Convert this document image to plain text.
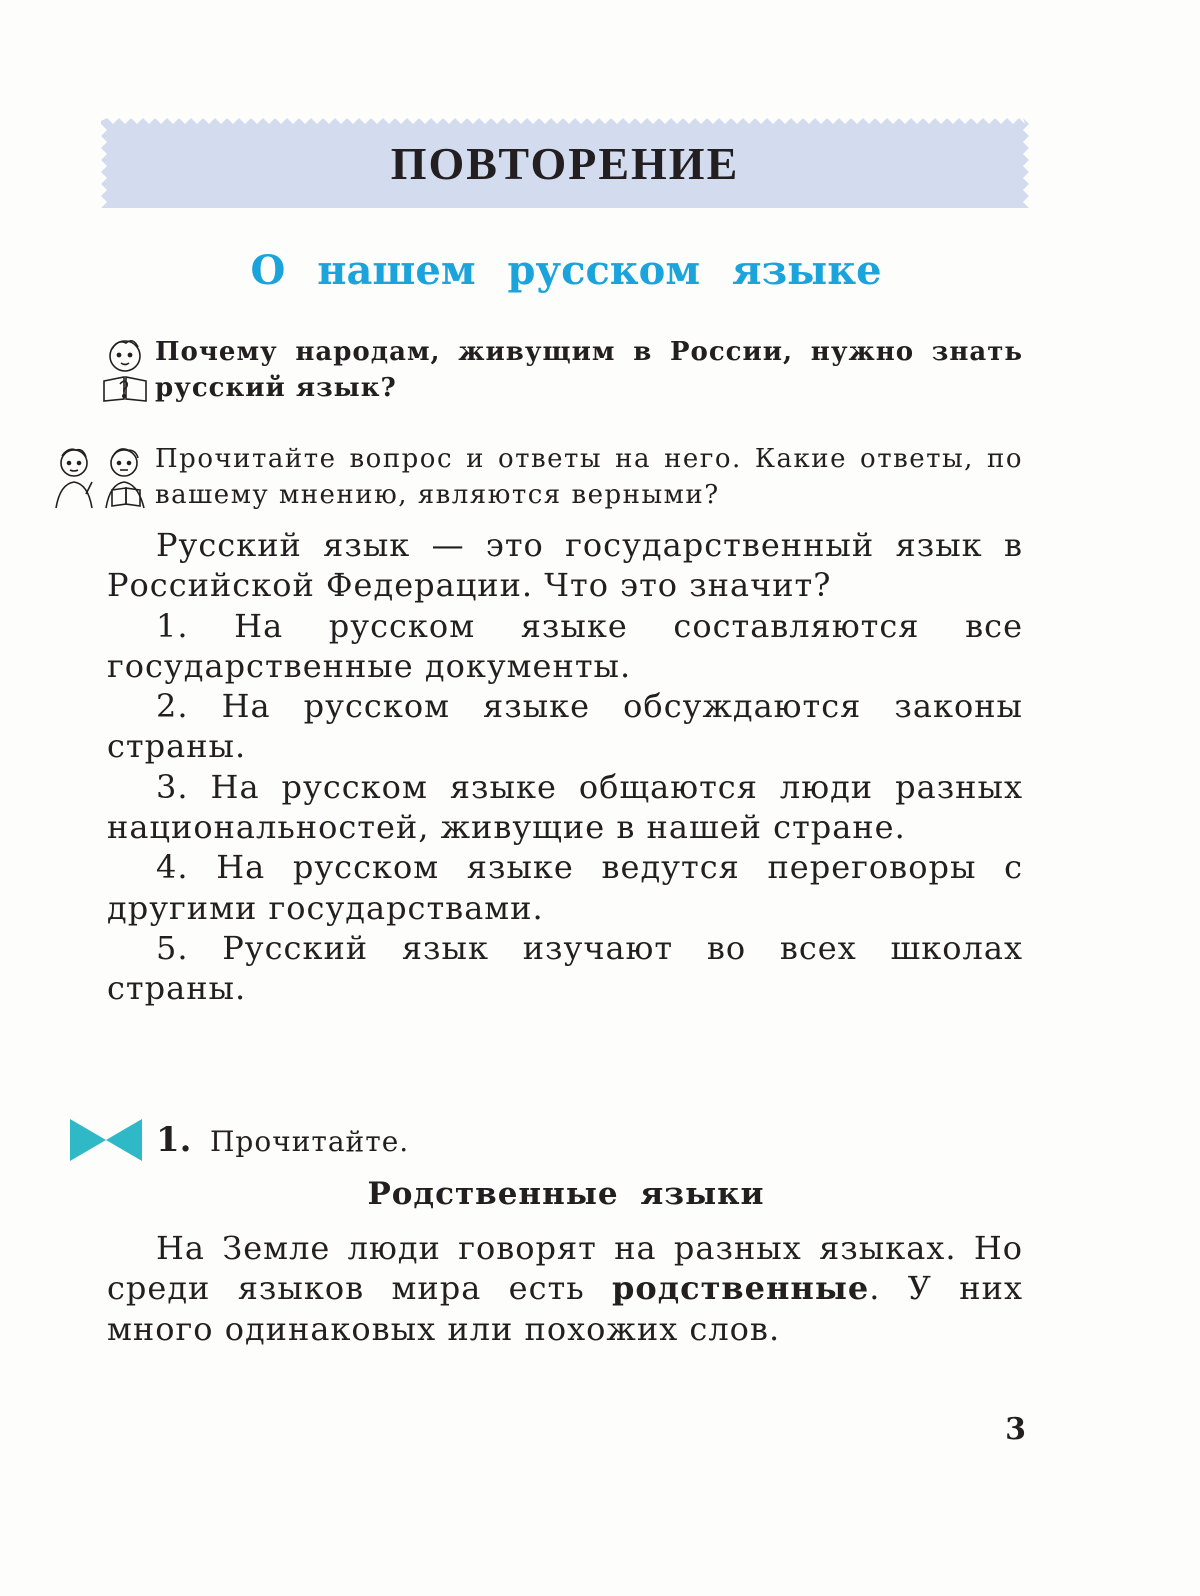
ПОВТОРЕНИЕ
О нашем русском языке
Почему народам, живущим в России, нужно знать русский язык?
Прочитайте вопрос и ответы на него. Какие ответы, по вашему мнению, являются верными?

Русский язык — это государственный язык в Российской Федерации. Что это значит?

1. На русском языке составляются все государственные документы.

2. На русском языке обсуждаются законы страны.

3. На русском языке общаются люди разных национальностей, живущие в нашей стране.

4. На русском языке ведутся переговоры с другими государствами.

5. Русский язык изучают во всех школах страны.

1. Прочитайте.
Родственные языки

На Земле люди говорят на разных языках. Но среди языков мира есть родственные. У них много одинаковых или похожих слов.

3
